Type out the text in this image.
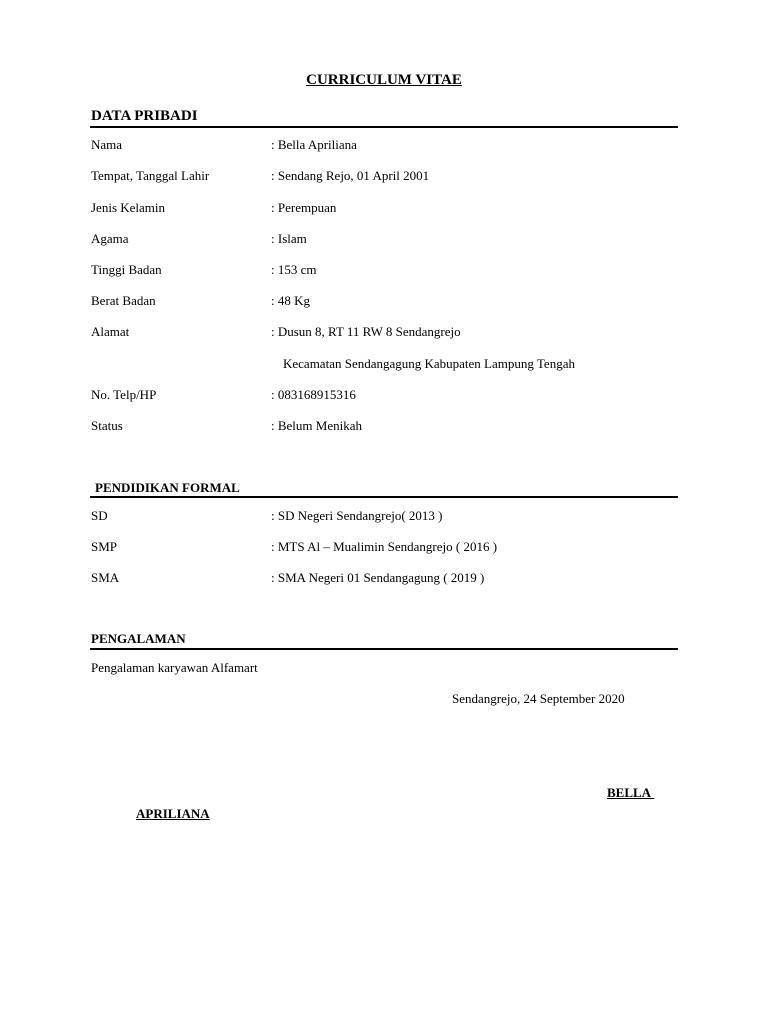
CURRICULUM VITAE
DATA PRIBADI
Nama	: Bella Apriliana
Tempat, Tanggal Lahir	: Sendang Rejo, 01 April 2001
Jenis Kelamin	: Perempuan
Agama	: Islam
Tinggi Badan	: 153 cm
Berat Badan	: 48 Kg
Alamat	: Dusun 8, RT 11 RW 8 Sendangrejo
Kecamatan Sendangagung Kabupaten Lampung Tengah
No. Telp/HP	: 083168915316
Status	: Belum Menikah
PENDIDIKAN FORMAL
SD	: SD Negeri Sendangrejo( 2013 )
SMP	: MTS Al – Mualimin Sendangrejo ( 2016 )
SMA	: SMA Negeri 01 Sendangagung ( 2019 )
PENGALAMAN
Pengalaman karyawan Alfamart
Sendangrejo, 24 September 2020
BELLA
APRILIANA
